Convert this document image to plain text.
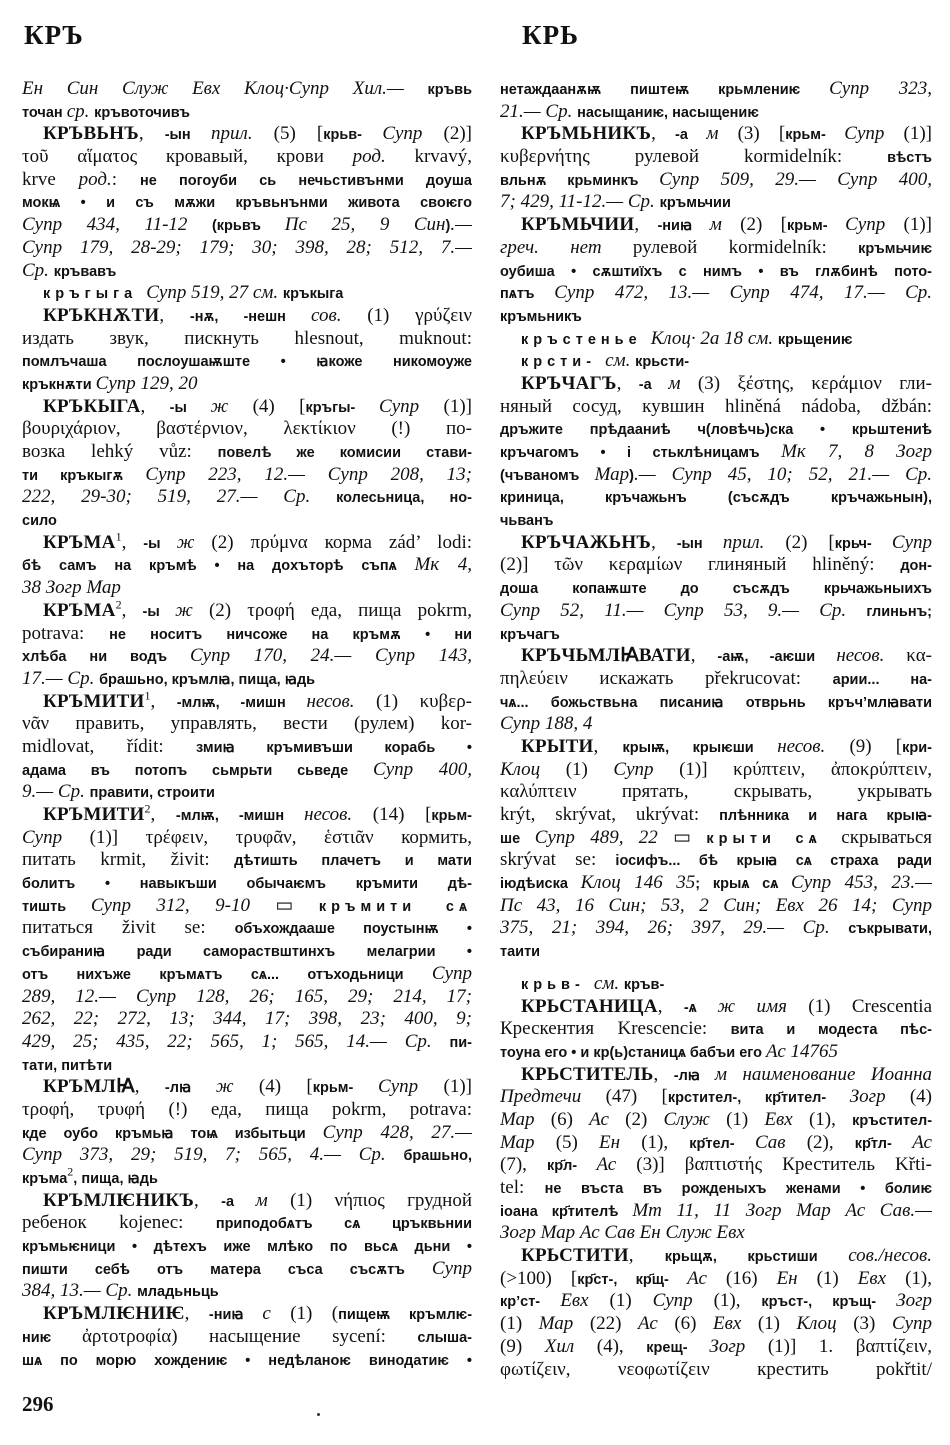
КРЪ	КРЬ
Ен Син Служ Евх Клоц·Супр Хил.— кръвь
точан ср. кръвоточивъ
КРЪВЬНЪ, -ын прил. (5) [крьв- Супр (2)]
τοῦ αἵματος кровавый, крови род. krvavý,
krve род.: не погоуби сь нечьстивънми доуша
мокѩ • и съ мѫжи кръвьнънми живота своѥго
Супр 434, 11-12 (крьвъ Пс 25, 9 Син).—
Супр 179, 28-29; 179; 30; 398, 28; 512, 7.—
Ср. кръвавъ
кръгыга Супр 519, 27 см. кръкыга
КРЪКНѪТИ, -нѫ, -нешн сов. (1) γρύζειν
издать звук, пискнуть hlesnout, muknout:
помлъчаша послоушаѭште • ꙗкоже никомоуже
кръкнѫти Супр 129, 20
КРЪКЫГА, -ы ж (4) [кръгы- Супр (1)]
βουριχάριον, βαστέρνιον, λεκτίκιον (!) по-
возка lehký vůz: повелѣ же комисии стави-
ти кръкыгѫ Супр 223, 12.— Супр 208, 13;
222, 29-30; 519, 27.— Ср. колесьница, но-
сило
КРЪМА$^1$, -ы ж (2) πρύμνα корма zád’ lodi:
бѣ самъ на кръмѣ • на доxъторѣ съпѧ Мк 4,
38 Зогр Мар
КРЪМА$^2$, -ы ж (2) τροφή еда, пища pokrm,
potrava: не носитъ ничсоже на кръмѫ • ни
хлѣба ни водъ Супр 170, 24.— Супр 143,
17.— Ср. брашьно, кръмлꙗ, пища, ꙗдь
КРЪМИТИ$^1$, -млѭ, -мишн несов. (1) κυβερ-
νᾶν править, управлять, вести (рулем) kor-
midlovat, řídit: змиꙗ кръмивъши корабь •
адама въ потопъ сьмрьти сьведе Супр 400,
9.— Ср. правити, строити
КРЪМИТИ$^2$, -млѭ, -мишн несов. (14) [крьм-
Супр (1)] τρέφειν, τρυφᾶν, ἑστιᾶν кормить,
питать krmit, živit: дѣтишть плачетъ и мати
болитъ • навыкъши обычаѥмъ кръмити дѣ-
тишть Супр 312, 9-10 ▭ кръмити сѧ
питаться živit se: объхождааше поустынѭ •
събираниꙗ ради самораствштинхъ мелагрии •
отъ нихъже кръмѧтъ сѧ... отъходьници Супр
289, 12.— Супр 128, 26; 165, 29; 214, 17;
262, 22; 272, 13; 344, 17; 398, 23; 400, 9;
429, 25; 435, 22; 565, 1; 565, 14.— Ср. пи-
тати, питѣти
КРЪМЛꙖ, -лꙗ ж (4) [крьм- Супр (1)]
τροφή, τρυφή (!) еда, пища pokrm, potrava:
кде оубо кръмьꙗ тоѩ избытьци Супр 428, 27.—
Супр 373, 29; 519, 7; 565, 4.— Ср. брашьно,
кръма$^2$, пища, ꙗдь
КРЪМЛѤНИКЪ, -а м (1) νήπιος грудной
ребенок kojenec: приподобѧтъ сѧ цръквьнии
кръмьѥници • дѣтеxъ иже млѣко по вьсѧ дьни •
пишти себѣ отъ матера съса съсѫтъ Супр
384, 13.— Ср. младьньць
КРЪМЛѤНИѤ, -ниꙗ с (1) (пищеѭ кръмлѥ-
ниѥ ἀρτοτροφία) насыщение sycení: слыша-
шѧ по морю хождениѥ • недѣланоѥ винодатиѥ •
нетаждаанѫѭ пиштеѭ крьмлениѥ Супр 323,
21.— Ср. насыщаниѥ, насыщениѥ
КРЪМЬНИКЪ, -а м (3) [крьм- Супр (1)]
κυβερνήτης рулевой kormidelník: вѣстъ
вльнѫ крьминкъ Супр 509, 29.— Супр 400,
7; 429, 11-12.— Ср. кръмьчии
КРЪМЬЧИИ, -ниꙗ м (2) [крьм- Супр (1)]
греч. нет рулевой kormidelník: кръмьчиѥ
оубиша • сѫштиїхъ с нимъ • въ глѫбинѣ пото-
пѧтъ Супр 472, 13.— Супр 474, 17.— Ср.
кръмьникъ
кръстенье Клоц· 2а 18 см. крьщениѥ
крсти- см. крьсти-
КРЪЧАГЪ, -а м (3) ξέστης, κεράμιον гли-
няный сосуд, кувшин hliněná nádoba, džbán:
дръжите прѣдааниѣ ч(ловѣчь)ска • крьштениѣ
кръчагомъ • і стьклѣницамъ Мк 7, 8 Зогр
(чъваномъ Мар).— Супр 45, 10; 52, 21.— Ср.
криница, кръчажьнъ (съсѫдъ кръчажьнын),
чьванъ
КРЪЧАЖЬНЪ, -ын прил. (2) [крьч- Супр
(2)] τῶν κεραμίων глиняный hliněný: дон-
доша копаѭште до съсѫдъ крьчажьныихъ
Супр 52, 11.— Супр 53, 9.— Ср. глиньнъ;
кръчагъ
КРЪЧЬМЛꙖВАТИ, -аѭ, -аѥши несов. κα-
πηλεύειν искажать překrucovat: арии... на-
чѧ... божьствьна писаниꙗ отврьнь кръч’млꙗвати
Супр 188, 4
КРЫТИ, крыѭ, крыѥши несов. (9) [кри-
Клоц (1) Супр (1)] κρύπτειν, ἀποκρύπτειν,
καλύπτειν прятать, скрывать, укрывать
krýt, skrývat, ukrývat: плѣнника и нага крыꙗ-
ше Супр 489, 22 ▭ крыти сѧ скрываться
skrývat se: іосифъ... бѣ крыꙗ сѧ страха ради
іюдѣиска Клоц 146 35; крыѧ сѧ Супр 453, 23.—
Пс 43, 16 Син; 53, 2 Син; Евх 26 14; Супр
375, 21; 394, 26; 397, 29.— Ср. съкрывати,
таити
крьв- см. кръв-
КРЬСТАНИЦА, -ѧ ж имя (1) Crescentia
Крескентия Krescencie: вита и модеста пѣс-
тоуна его • и кр(ь)станицѧ бабъи его Ас 14765
КРЬСТИТЕЛЬ, -лꙗ м наименование Иоанна
Предтечи (47) [крстител-, кр҃тител- Зогр (4)
Мар (6) Ас (2) Служ (1) Евх (1), кръстител-
Мар (5) Ен (1), кр҃тел- Сав (2), кр҃тл- Ас
(7), кр҃л- Ас (3)] βαπτιστής Креститель Křti-
tel: не въста въ рожденыхъ женами • болиѥ
іоана кр҃тителѣ Мт 11, 11 Зогр Мар Ас Сав.—
Зогр Мар Ас Сав Ен Служ Евх
КРЬСТИТИ, крьщѫ, крьстиши сов./несов.
(>100) [кр҃ст-, кр҃щ- Ас (16) Ен (1) Евх (1),
кр’ст- Евх (1) Супр (1), кръст-, кръщ- Зогр
(1) Мар (22) Ас (6) Евх (1) Клоц (3) Супр
(9) Хил (4), крещ- Зогр (1)] 1. βαπτίζειν,
φωτίζειν, νεοφωτίζειν крестить pokřtit/
296
